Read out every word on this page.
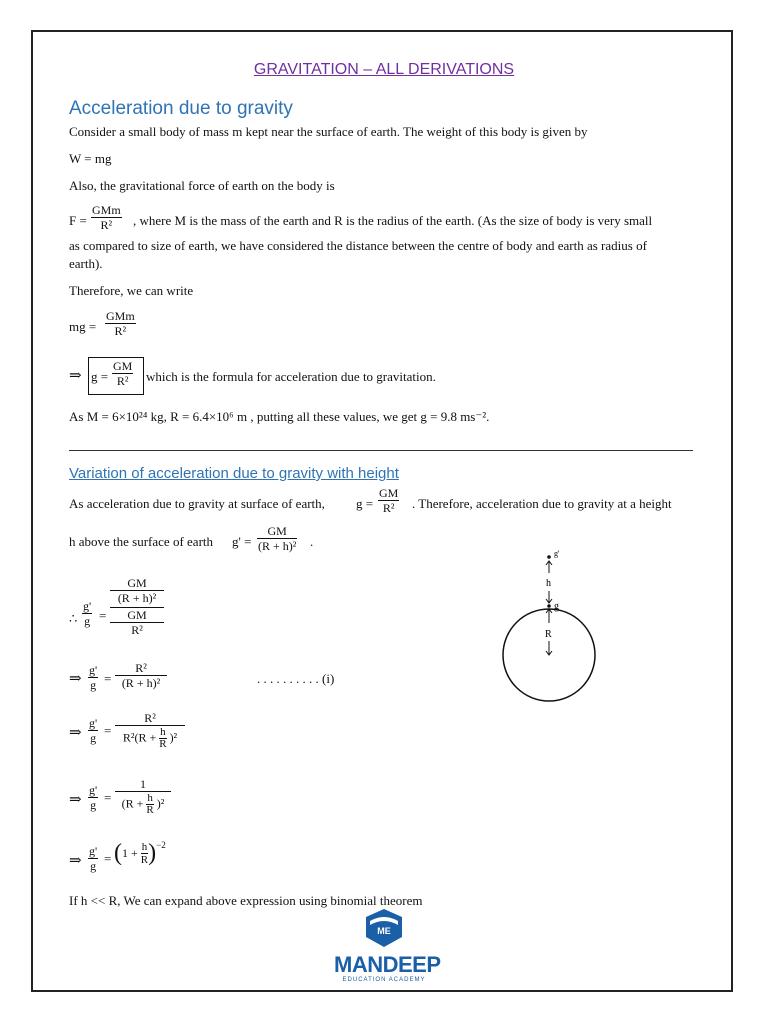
GRAVITATION – ALL DERIVATIONS
Acceleration due to gravity
Consider a small body of mass m kept near the surface of earth. The weight of this body is given by
W = mg
Also, the gravitational force of earth on the body is
F =
GMm
R²	, where M is the mass of the earth and R is the radius of the earth. (As the size of body is very small
as compared to size of earth, we have considered the distance between the centre of body and earth as radius of
earth).
Therefore, we can write
mg =
GMm
R²
⇒ $g = \frac{GM}{\text{R²}}$ which is the formula for acceleration due to gravitation.
As M = 6×10²⁴ kg, R = 6.4×10⁶ m , putting all these values, we get g = 9.8 ms⁻².
Variation of acceleration due to gravity with height
As acceleration due to gravity at surface of earth, $g = \frac{GM}{\text{R²}}$ . Therefore, acceleration due to gravity at a height
h above the surface of earth $g' = \frac{GM}{\text{(R + h)²}}$ .
∴ $\frac{g'}{g}$ =
GM
(R + h)²
GM
R²
⇒ $\frac{g'}{g} = \frac{\text{R²}}{\text{(R + h)²}}$	. . . . . . . . . . (i)
⇒ $\frac{g'}{g} = \frac{\text{R²}}{R^2(R + \frac{h}{R} )^2}$
⇒ $\frac{g'}{g} = \frac{1}{(R + \frac{h}{R} )^2}$
⇒ $\frac{g'}{g} = (1 + \frac{h}{R} )^{-2}$
If h << R, We can expand above expression using binomial theorem
g'
h
g
R
ME
MANDEEP
EDUCATION ACADEMY
